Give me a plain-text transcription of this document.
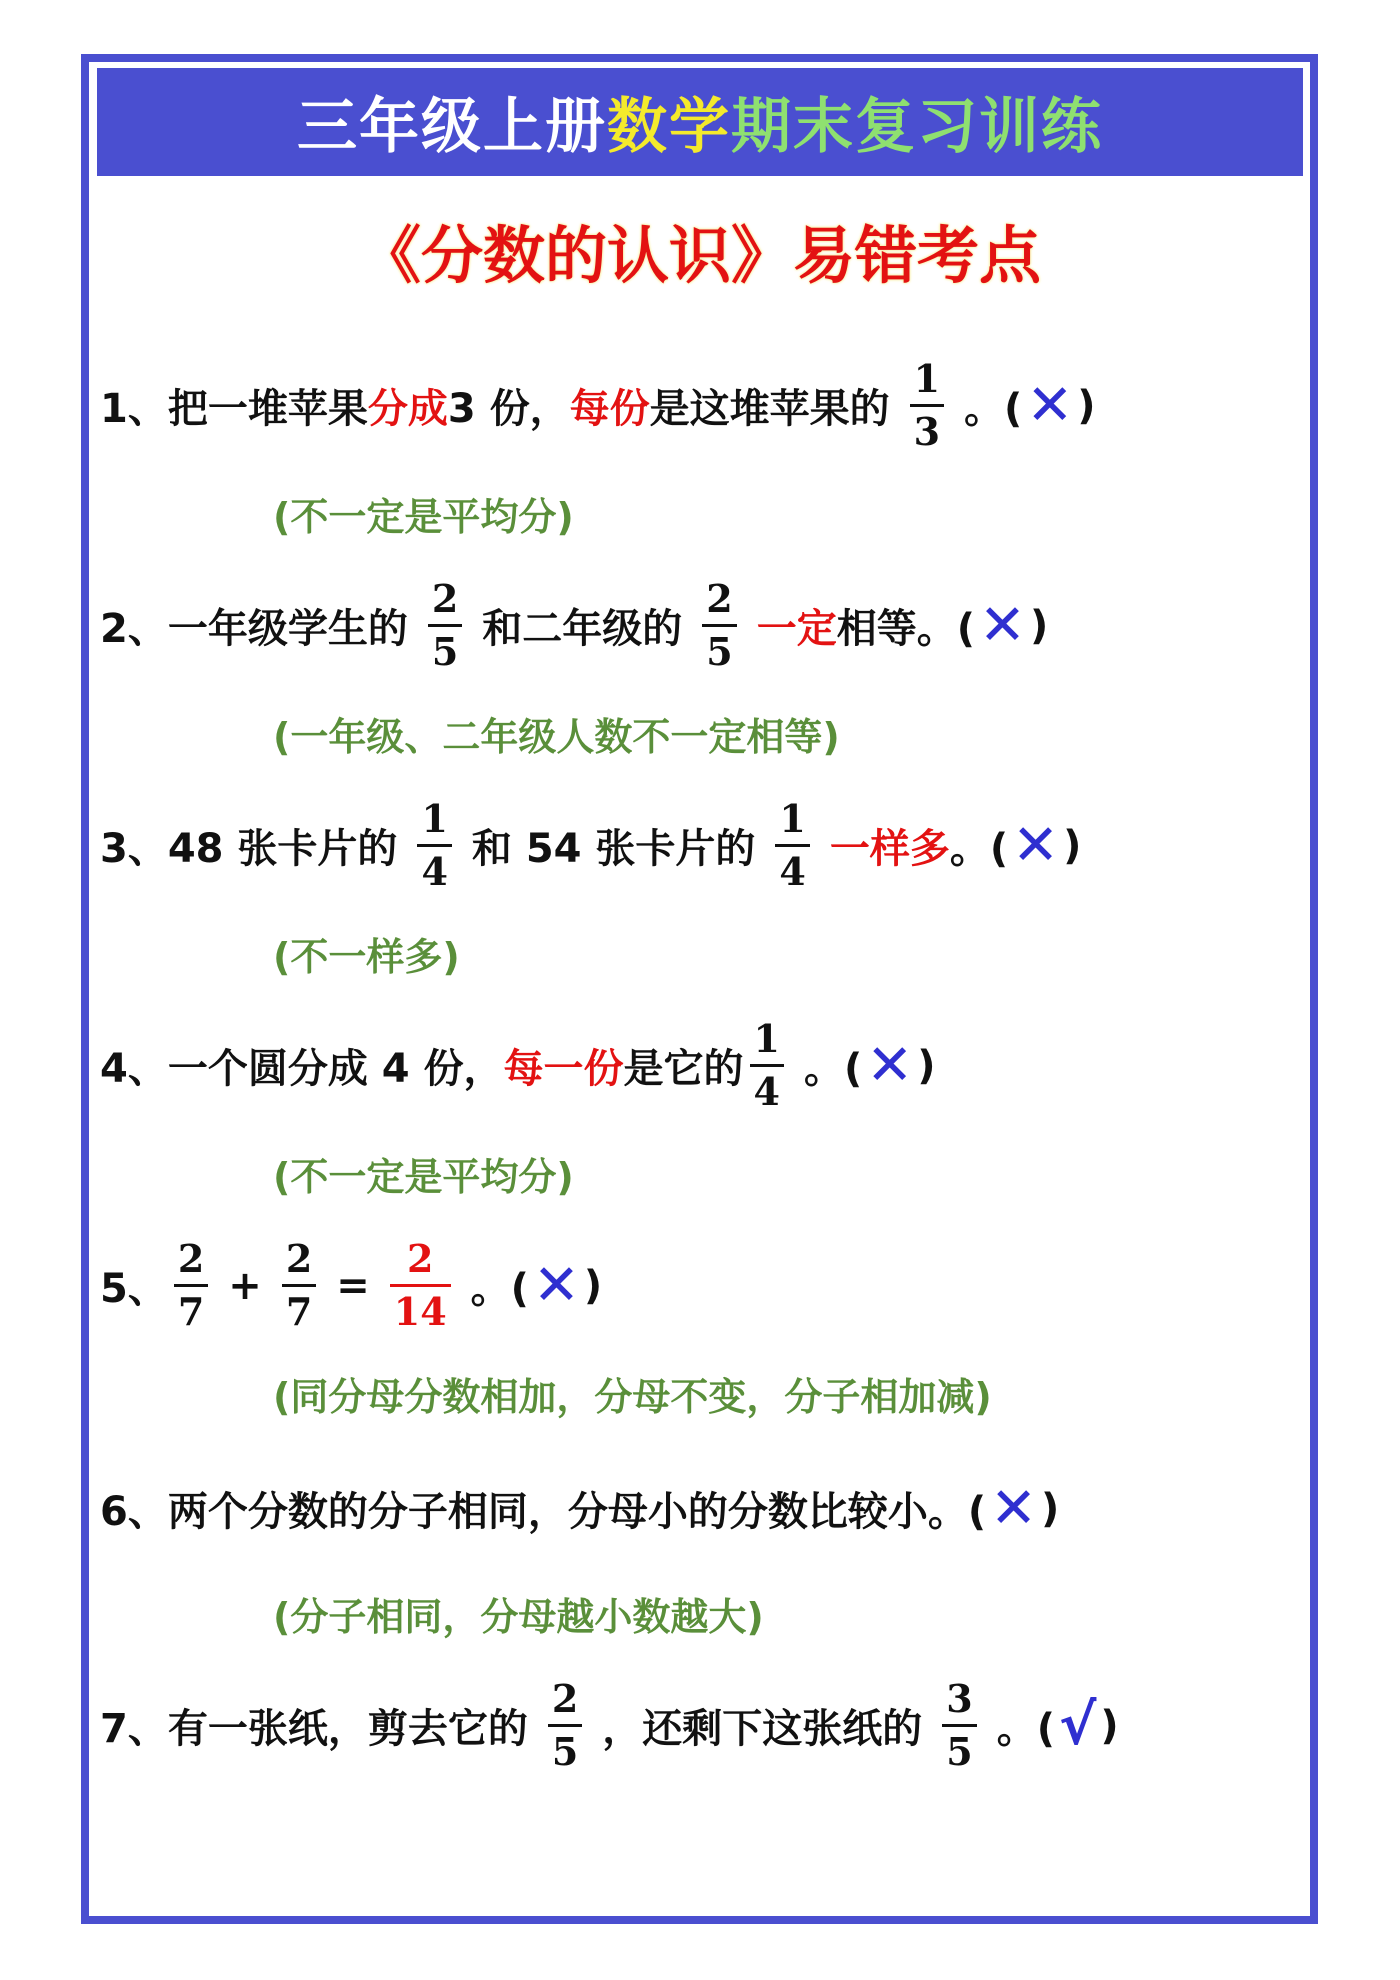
三年级上册 数学 期末复习训练
《分数的认识》易错考点
1、 把一堆苹果 分成 3 份， 每份 是这堆苹果的 $\frac{1}{3}$ 。( ✕ )
(不一定是平均分)
2、 一年级学生的 $\frac{2}{5}$ 和二年级的 $\frac{2}{5}$ 一定 相等。( ✕ )
(一年级、二年级人数不一定相等)
3、 48 张卡片的 $\frac{1}{4}$ 和 54 张卡片的 $\frac{1}{4}$ 一样多 。( ✕ )
(不一样多)
4、 一个圆分成 4 份， 每一份 是它的 $\frac{1}{4}$ 。( ✕ )
(不一定是平均分)
5、 $\frac{2}{7} + \frac{2}{7} = \frac{2}{14}$ 。( ✕ )
(同分母分数相加，分母不变，分子相加减)
6、 两个分数的分子相同，分母小的分数比较小。( ✕ )
(分子相同，分母越小数越大)
7、 有一张纸，剪去它的 $\frac{2}{5}$ ，还剩下这张纸的 $\frac{3}{5}$ 。( √ )
